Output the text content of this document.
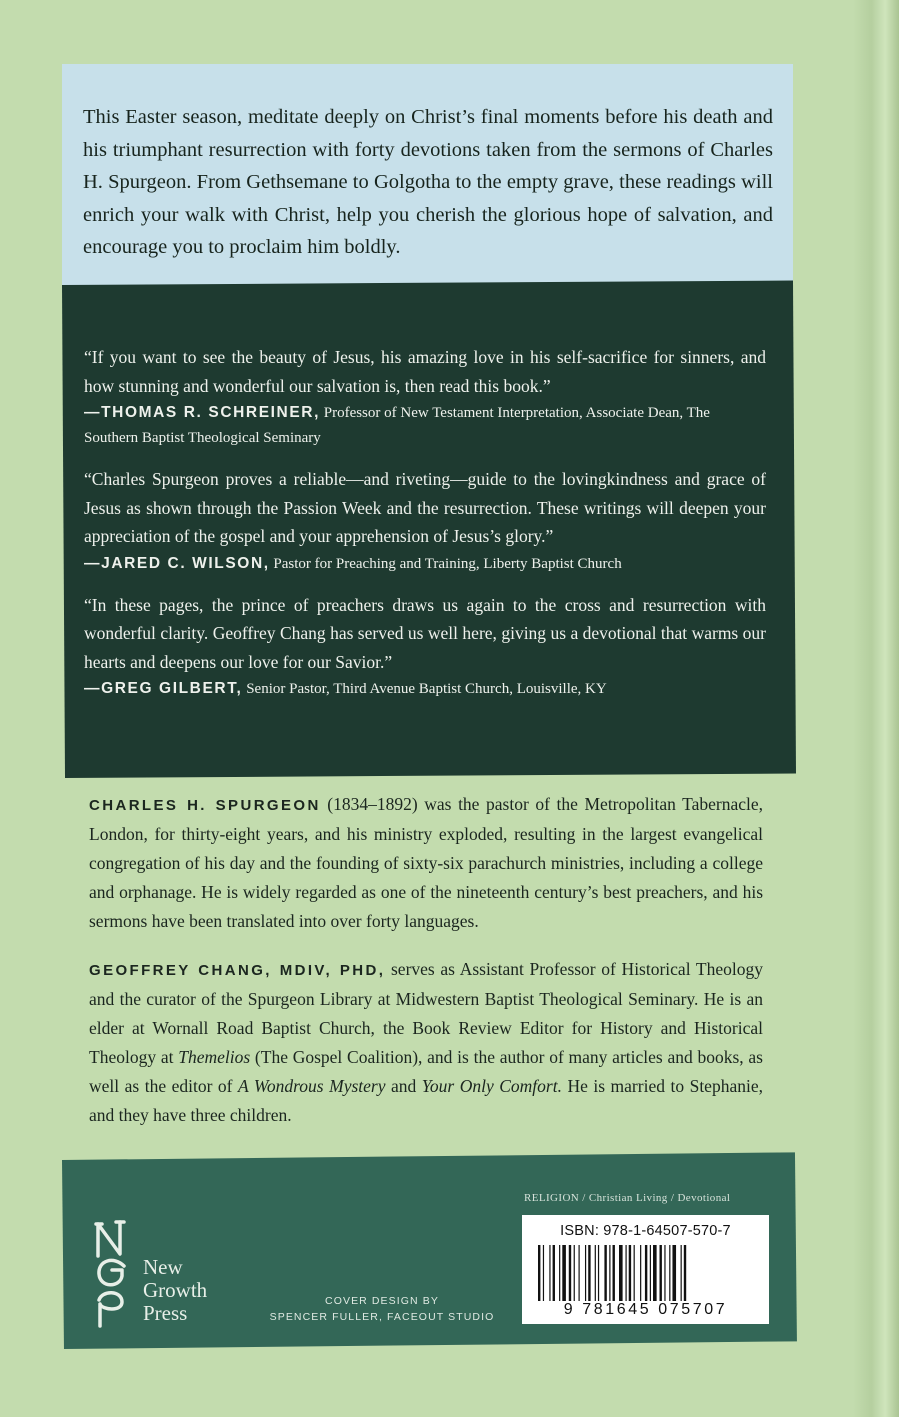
This Easter season, meditate deeply on Christ’s final moments before his death and his triumphant resurrection with forty devotions taken from the sermons of Charles H. Spurgeon. From Gethsemane to Golgotha to the empty grave, these readings will enrich your walk with Christ, help you cherish the glorious hope of salvation, and encourage you to proclaim him boldly.
“If you want to see the beauty of Jesus, his amazing love in his self-sacrifice for sinners, and how stunning and wonderful our salvation is, then read this book.”
—THOMAS R. SCHREINER, Professor of New Testament Interpretation, Associate Dean, The Southern Baptist Theological Seminary
“Charles Spurgeon proves a reliable—and riveting—guide to the lovingkindness and grace of Jesus as shown through the Passion Week and the resurrection. These writings will deepen your appreciation of the gospel and your apprehension of Jesus’s glory.”
—JARED C. WILSON, Pastor for Preaching and Training, Liberty Baptist Church
“In these pages, the prince of preachers draws us again to the cross and resurrection with wonderful clarity. Geoffrey Chang has served us well here, giving us a devotional that warms our hearts and deepens our love for our Savior.”
—GREG GILBERT, Senior Pastor, Third Avenue Baptist Church, Louisville, KY
CHARLES H. SPURGEON (1834–1892) was the pastor of the Metropolitan Tabernacle, London, for thirty-eight years, and his ministry exploded, resulting in the largest evangelical congregation of his day and the founding of sixty-six parachurch ministries, including a college and orphanage. He is widely regarded as one of the nineteenth century’s best preachers, and his sermons have been translated into over forty languages.
GEOFFREY CHANG, MDIV, PHD, serves as Assistant Professor of Historical Theology and the curator of the Spurgeon Library at Midwestern Baptist Theological Seminary. He is an elder at Wornall Road Baptist Church, the Book Review Editor for History and Historical Theology at Themelios (The Gospel Coalition), and is the author of many articles and books, as well as the editor of A Wondrous Mystery and Your Only Comfort. He is married to Stephanie, and they have three children.
New
Growth
Press	COVER DESIGN BY
SPENCER FULLER, FACEOUT STUDIO
RELIGION / Christian Living / Devotional
ISBN: 978-1-64507-570-7
9 781645 075707
